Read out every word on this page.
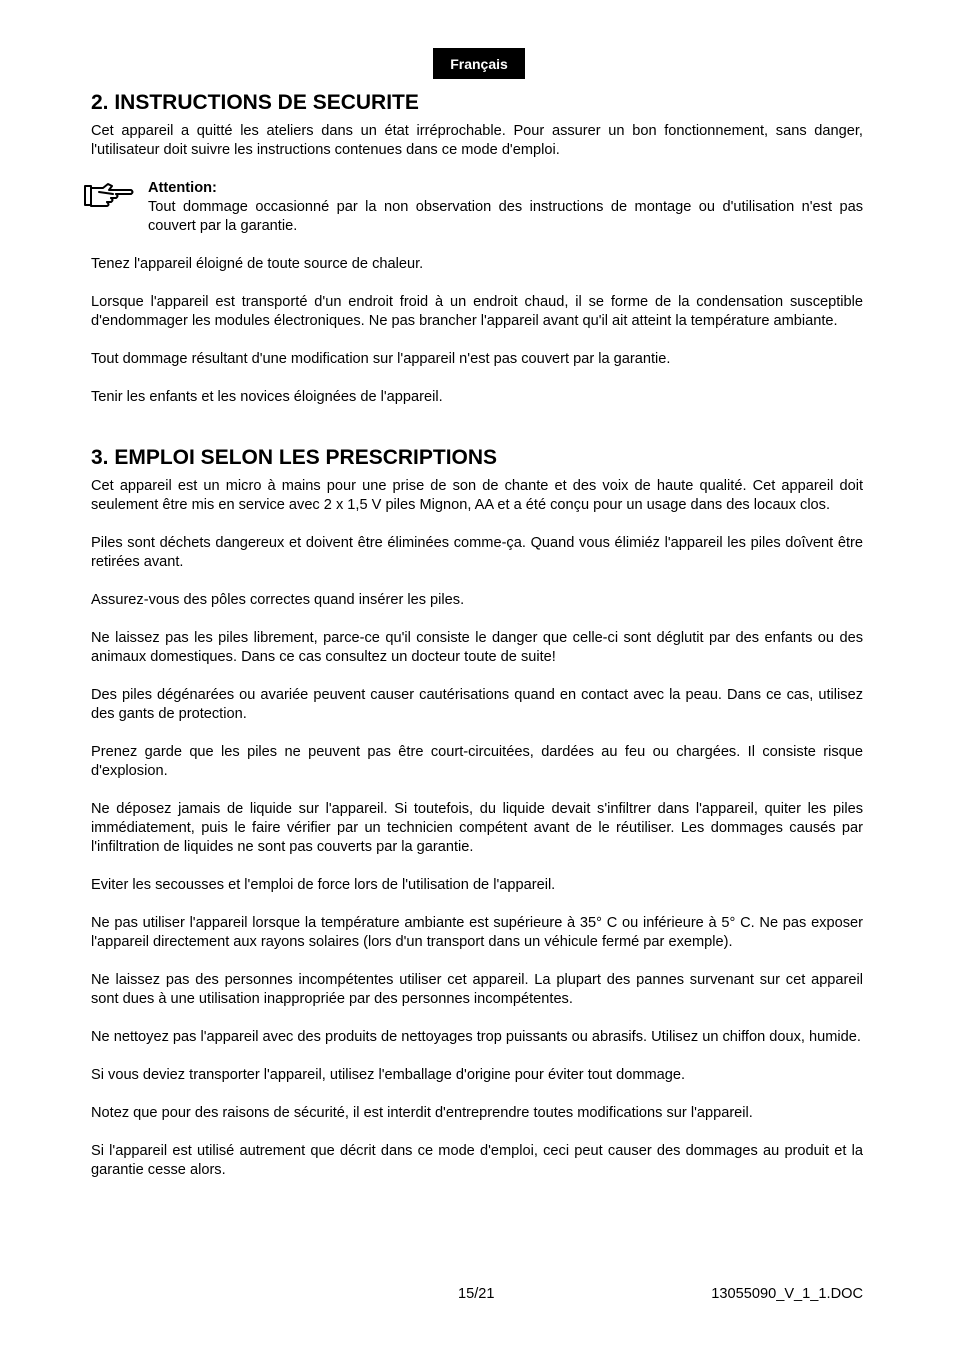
Français
2. INSTRUCTIONS DE SECURITE

Cet appareil a quitté les ateliers dans un état irréprochable. Pour assurer un bon fonctionnement, sans danger, l'utilisateur doit suivre les instructions contenues dans ce mode d'emploi.

Attention:
Tout dommage occasionné par la non observation des instructions de montage ou d'utilisation n'est pas couvert par la garantie.

Tenez l'appareil éloigné de toute source de chaleur.

Lorsque l'appareil est transporté d'un endroit froid à un endroit chaud, il se forme de la condensation susceptible d'endommager les modules électroniques. Ne pas brancher l'appareil avant qu'il ait atteint la température ambiante.

Tout dommage résultant d'une modification sur l'appareil n'est pas couvert par la garantie.

Tenir les enfants et les novices éloignées de l'appareil.

3. EMPLOI SELON LES PRESCRIPTIONS

Cet appareil est un micro à mains pour une prise de son de chante et des voix de haute qualité. Cet appareil doit seulement être mis en service avec 2 x 1,5 V piles Mignon, AA et a été conçu pour un usage dans des locaux clos.

Piles sont déchets dangereux et doivent être éliminées comme-ça. Quand vous élimiéz l'appareil les piles doîvent être retirées avant.

Assurez-vous des pôles correctes quand insérer les piles.

Ne laissez pas les piles librement, parce-ce qu'il consiste le danger que celle-ci sont déglutit par des enfants ou des animaux domestiques. Dans ce cas consultez un docteur toute de suite!

Des piles dégénarées ou avariée peuvent causer cautérisations quand en contact avec la peau. Dans ce cas, utilisez des gants de protection.

Prenez garde que les piles ne peuvent pas être court-circuitées, dardées au feu ou chargées. Il consiste risque d'explosion.

Ne déposez jamais de liquide sur l'appareil. Si toutefois, du liquide devait s'infiltrer dans l'appareil, quiter les piles immédiatement, puis le faire vérifier par un technicien compétent avant de le réutiliser. Les dommages causés par l'infiltration de liquides ne sont pas couverts par la garantie.

Eviter les secousses et l'emploi de force lors de l'utilisation de l'appareil.

Ne pas utiliser l'appareil lorsque la température ambiante est supérieure à 35° C ou inférieure à 5° C. Ne pas exposer l'appareil directement aux rayons solaires (lors d'un transport dans un véhicule fermé par exemple).

Ne laissez pas des personnes incompétentes utiliser cet appareil. La plupart des pannes survenant sur cet appareil sont dues à une utilisation inappropriée par des personnes incompétentes.

Ne nettoyez pas l'appareil avec des produits de nettoyages trop puissants ou abrasifs. Utilisez un chiffon doux, humide.

Si vous deviez transporter l'appareil, utilisez l'emballage d'origine pour éviter tout dommage.

Notez que pour des raisons de sécurité, il est interdit d'entreprendre toutes modifications sur l'appareil.

Si l'appareil est utilisé autrement que décrit dans ce mode d'emploi, ceci peut causer des dommages au produit et la garantie cesse alors.

15/21	13055090_V_1_1.DOC
